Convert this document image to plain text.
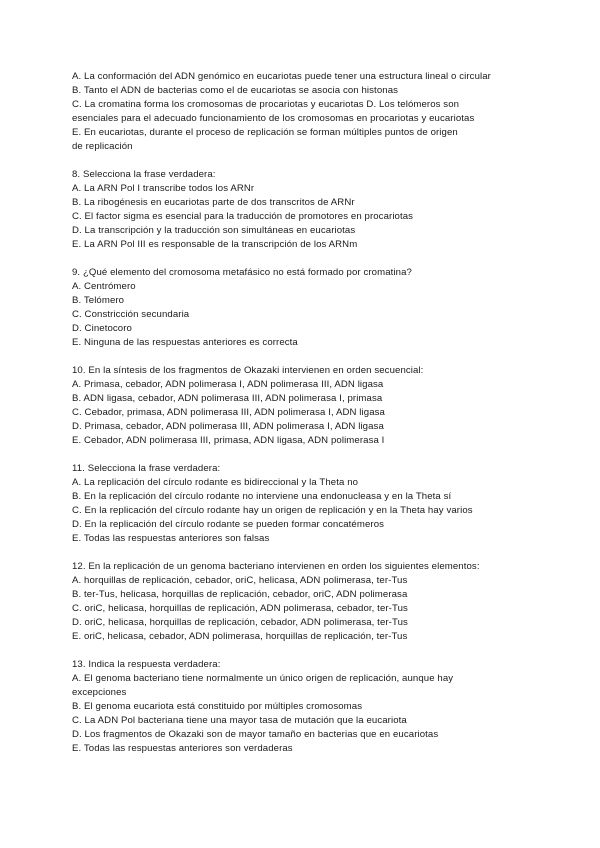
A. La conformación del ADN genómico en eucariotas puede tener una estructura lineal o circular
B. Tanto el ADN de bacterias como el de eucariotas se asocia con histonas
C. La cromatina forma los cromosomas de procariotas y eucariotas D. Los telómeros son
esenciales para el adecuado funcionamiento de los cromosomas en procariotas y eucariotas
E. En eucariotas, durante el proceso de replicación se forman múltiples puntos de origen
de replicación
8. Selecciona la frase verdadera:
A. La ARN Pol I transcribe todos los ARNr
B. La ribogénesis en eucariotas parte de dos transcritos de ARNr
C. El factor sigma es esencial para la traducción de promotores en procariotas
D. La transcripción y la traducción son simultáneas en eucariotas
E. La ARN Pol III es responsable de la transcripción de los ARNm
9. ¿Qué elemento del cromosoma metafásico no está formado por cromatina?
A. Centrómero
B. Telómero
C. Constricción secundaria
D. Cinetocoro
E. Ninguna de las respuestas anteriores es correcta
10. En la síntesis de los fragmentos de Okazaki intervienen en orden secuencial:
A. Primasa, cebador, ADN polimerasa I, ADN polimerasa III, ADN ligasa
B. ADN ligasa, cebador, ADN polimerasa III, ADN polimerasa I, primasa
C. Cebador, primasa, ADN polimerasa III, ADN polimerasa I, ADN ligasa
D. Primasa, cebador, ADN polimerasa III, ADN polimerasa I, ADN ligasa
E. Cebador, ADN polimerasa III, primasa, ADN ligasa, ADN polimerasa I
11. Selecciona la frase verdadera:
A. La replicación del círculo rodante es bidireccional y la Theta no
B. En la replicación del círculo rodante no interviene una endonucleasa y en la Theta sí
C. En la replicación del círculo rodante hay un origen de replicación y en la Theta hay varios
D. En la replicación del círculo rodante se pueden formar concatémeros
E. Todas las respuestas anteriores son falsas
12. En la replicación de un genoma bacteriano intervienen en orden los siguientes elementos:
A. horquillas de replicación, cebador, oriC, helicasa, ADN polimerasa, ter-Tus
B. ter-Tus, helicasa, horquillas de replicación, cebador, oriC, ADN polimerasa
C. oriC, helicasa, horquillas de replicación, ADN polimerasa, cebador, ter-Tus
D. oriC, helicasa, horquillas de replicación, cebador, ADN polimerasa, ter-Tus
E. oriC, helicasa, cebador, ADN polimerasa, horquillas de replicación, ter-Tus
13. Indica la respuesta verdadera:
A. El genoma bacteriano tiene normalmente un único origen de replicación, aunque hay
excepciones
B. El genoma eucariota está constituido por múltiples cromosomas
C. La ADN Pol bacteriana tiene una mayor tasa de mutación que la eucariota
D. Los fragmentos de Okazaki son de mayor tamaño en bacterias que en eucariotas
E. Todas las respuestas anteriores son verdaderas
